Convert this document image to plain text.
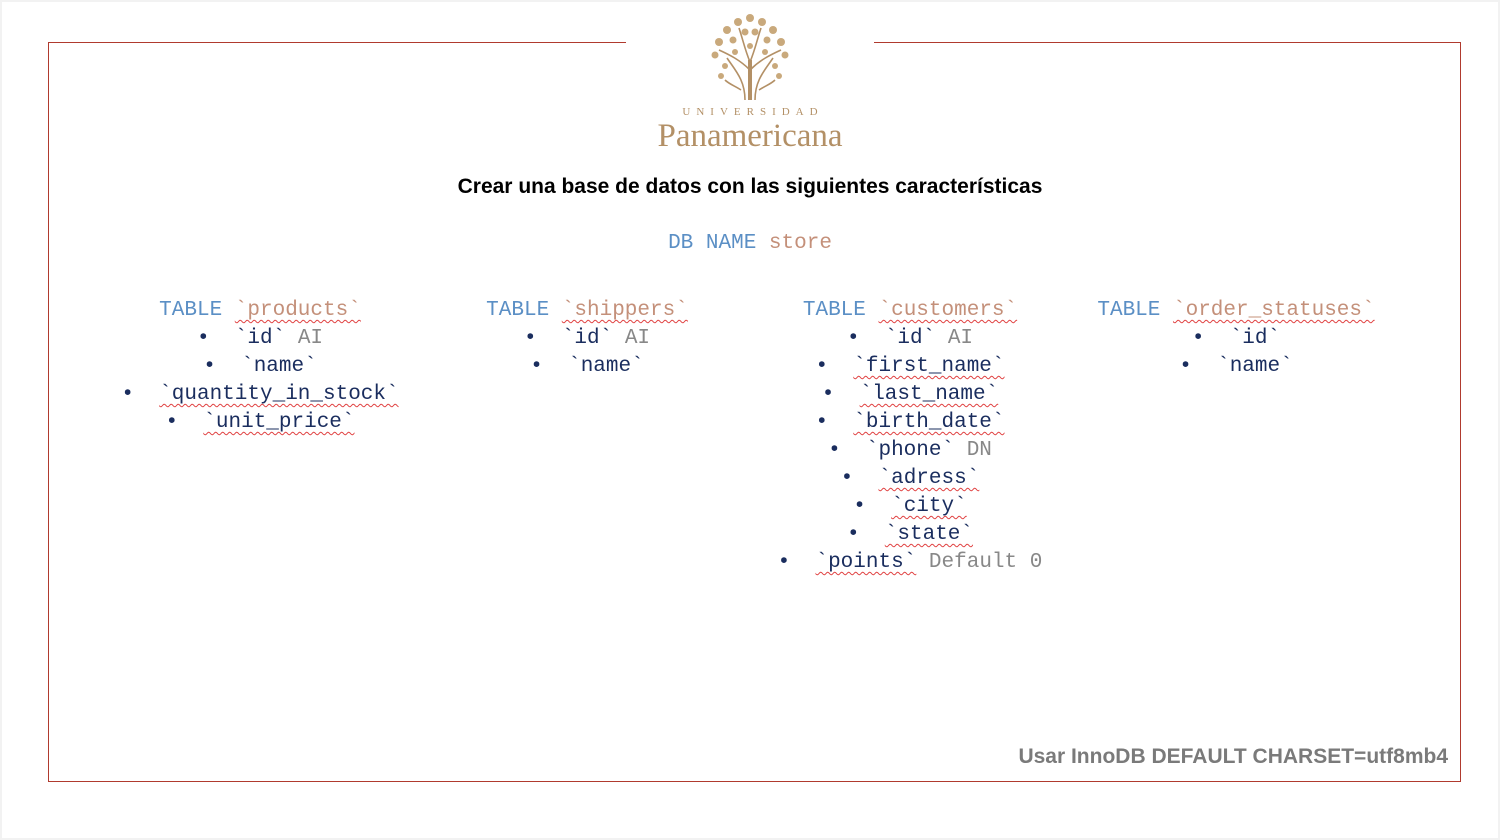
UNIVERSIDAD
Panamericana
Crear una base de datos con las siguientes características
DB NAME store
TABLE `products`
•  `id` AI
•  `name`
•  `quantity_in_stock`
•  `unit_price`
TABLE `shippers`
•  `id` AI
•  `name`
TABLE `customers`
•  `id` AI
•  `first_name`
•  `last_name`
•  `birth_date`
•  `phone` DN
•  `adress`
•  `city`
•  `state`
•  `points` Default 0
TABLE `order_statuses`
•  `id`
•  `name`
Usar InnoDB DEFAULT CHARSET=utf8mb4
